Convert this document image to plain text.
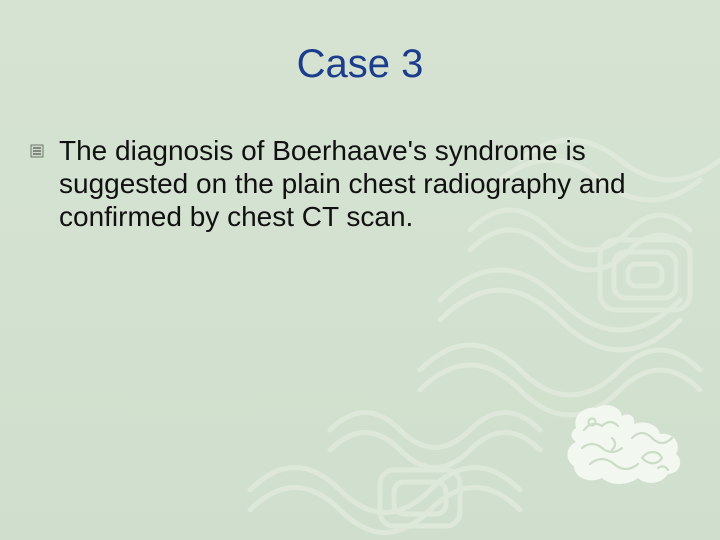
Case 3
The diagnosis of Boerhaave's syndrome is suggested on the plain chest radiography and confirmed by chest CT scan.
